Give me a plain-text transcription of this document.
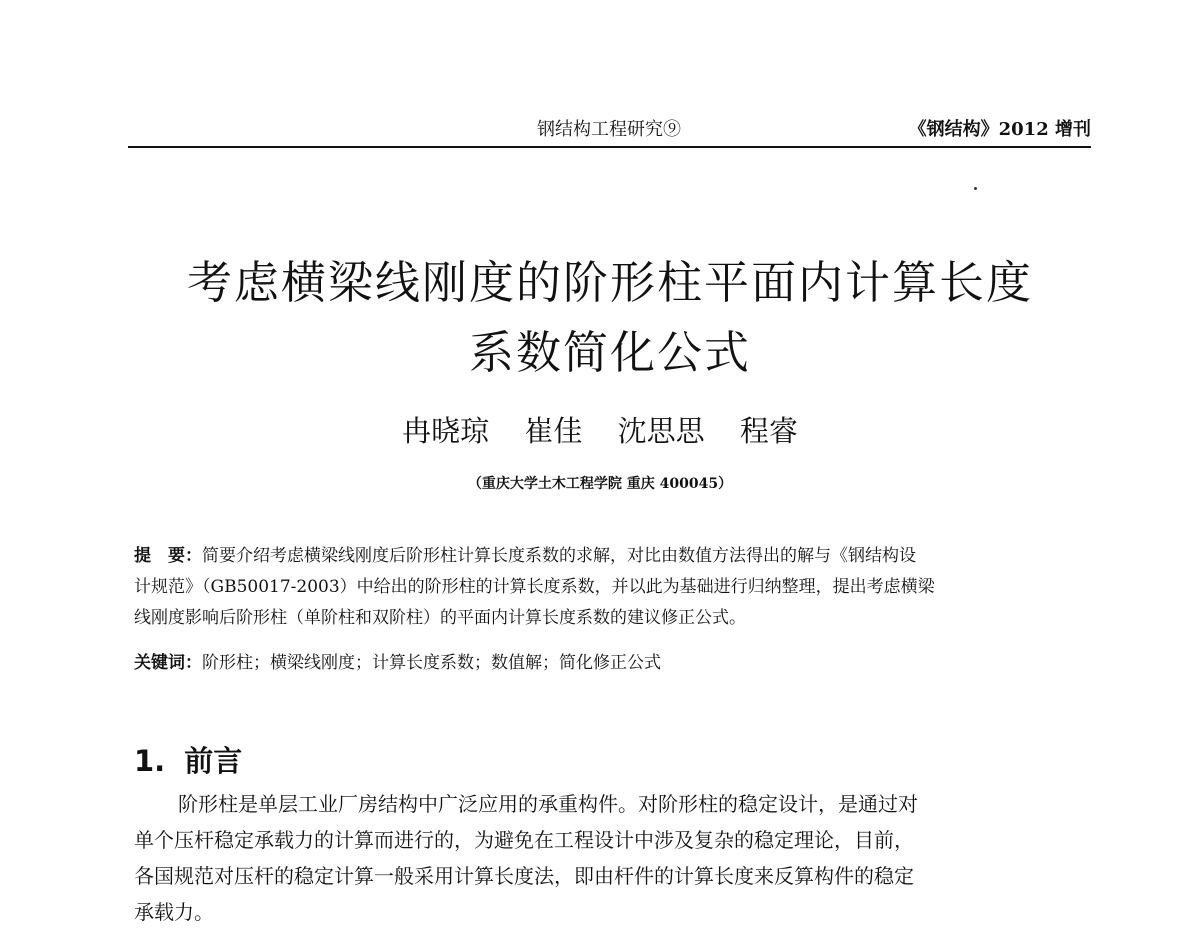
钢结构工程研究⑨	《钢结构》2012 增刊
考虑横梁线刚度的阶形柱平面内计算长度
系数简化公式
冉晓琼 崔佳 沈思思 程睿
（重庆大学土木工程学院 重庆 400045）
提　要：简要介绍考虑横梁线刚度后阶形柱计算长度系数的求解，对比由数值方法得出的解与《钢结构设
计规范》（GB50017-2003）中给出的阶形柱的计算长度系数，并以此为基础进行归纳整理，提出考虑横梁
线刚度影响后阶形柱（单阶柱和双阶柱）的平面内计算长度系数的建议修正公式。
关键词：阶形柱；横梁线刚度；计算长度系数；数值解；简化修正公式
1. 前言
阶形柱是单层工业厂房结构中广泛应用的承重构件。对阶形柱的稳定设计，是通过对
单个压杆稳定承载力的计算而进行的，为避免在工程设计中涉及复杂的稳定理论，目前，
各国规范对压杆的稳定计算一般采用计算长度法，即由杆件的计算长度来反算构件的稳定
承载力。
